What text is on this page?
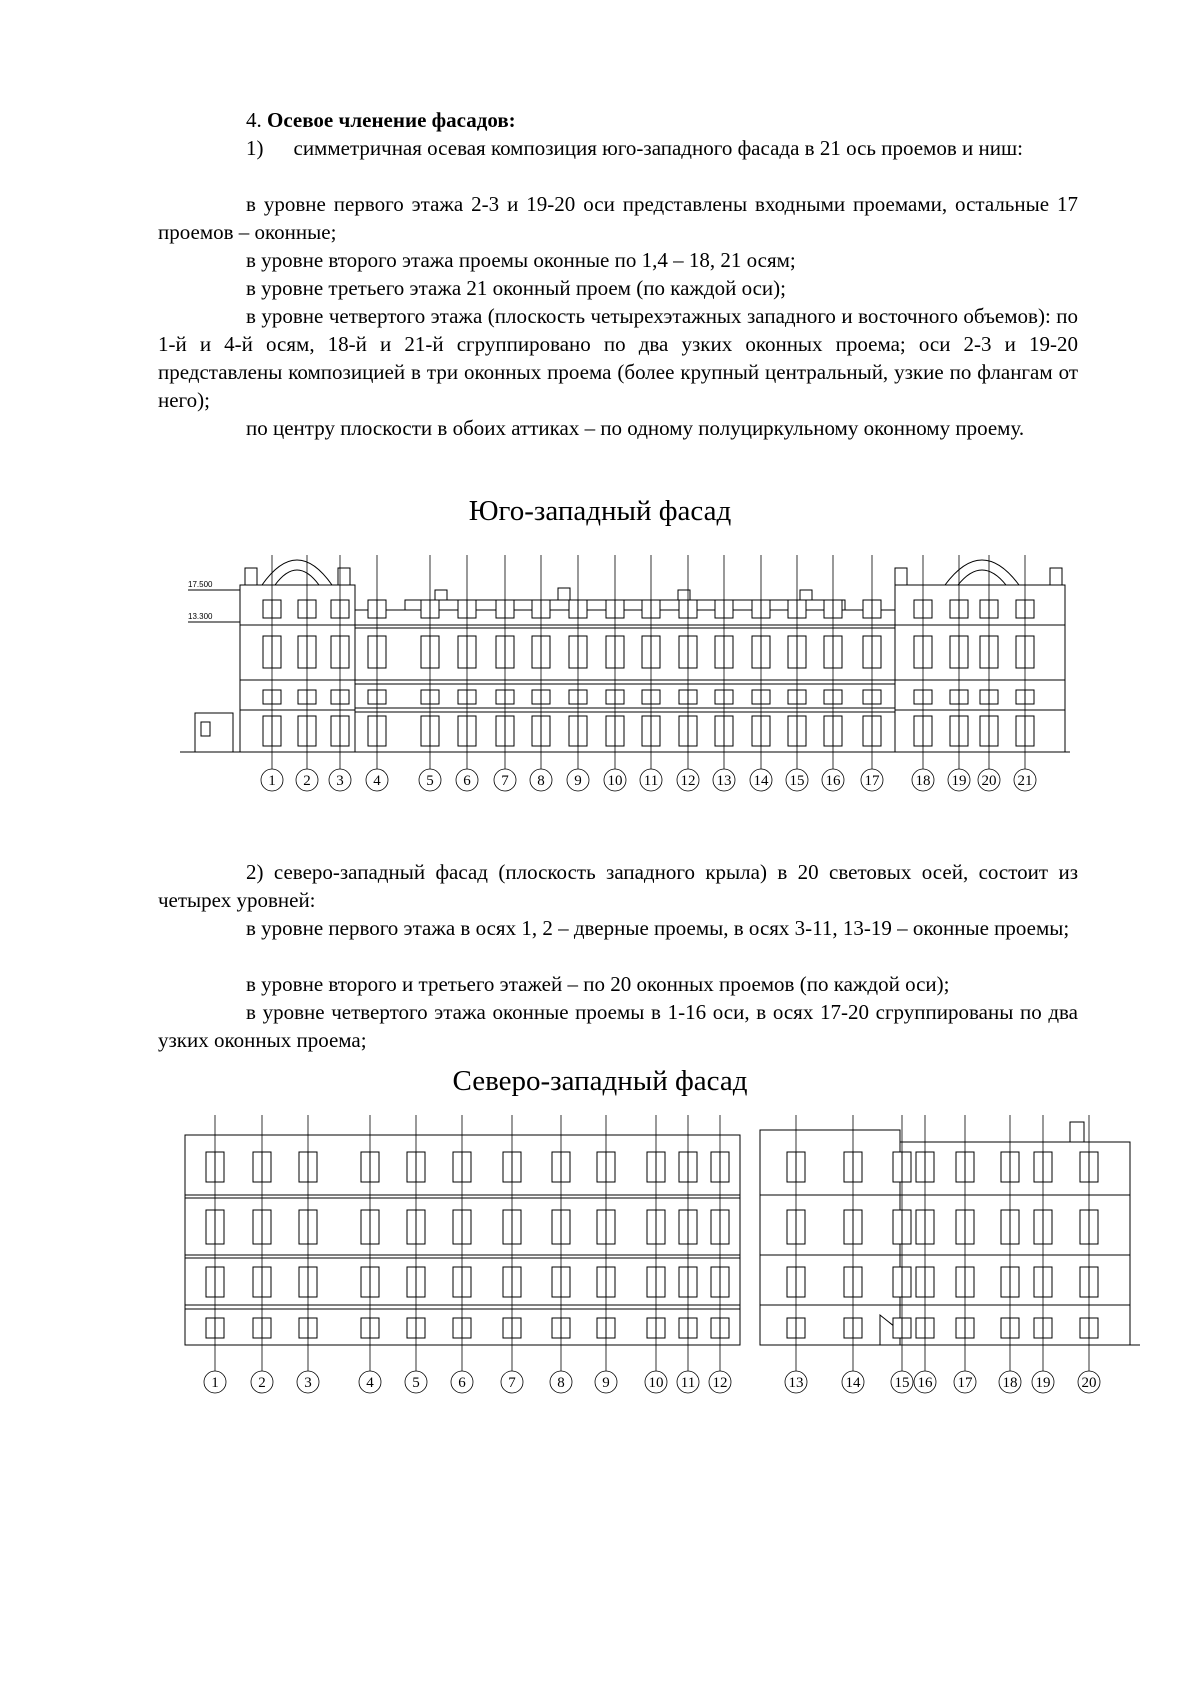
4. Осевое членение фасадов:
1) симметричная осевая композиция юго-западного фасада в 21 ось проемов и ниш:
в уровне первого этажа 2-3 и 19-20 оси представлены входными проемами, остальные 17 проемов – оконные;
в уровне второго этажа проемы оконные по 1,4 – 18, 21 осям;
в уровне третьего этажа 21 оконный проем (по каждой оси);
в уровне четвертого этажа (плоскость четырехэтажных западного и восточного объемов): по 1-й и 4-й осям, 18-й и 21-й сгруппировано по два узких оконных проема; оси 2-3 и 19-20 представлены композицией в три оконных проема (более крупный центральный, узкие по флангам от него);
по центру плоскости в обоих аттиках – по одному полуциркульному оконному проему.
Юго-западный фасад
17.500
13.300
1 2 3 4	5 6 7 8 9 10 11 12 13 14 15 16 17 18 19 20 21
2) северо-западный фасад (плоскость западного крыла) в 20 световых осей, состоит из четырех уровней:
в уровне первого этажа в осях 1, 2 – дверные проемы, в осях 3-11, 13-19 – оконные проемы;
в уровне второго и третьего этажей – по 20 оконных проемов (по каждой оси);
в уровне четвертого этажа оконные проемы в 1-16 оси, в осях 17-20 сгруппированы по два узких оконных проема;
Северо-западный фасад
1	2	3	4	5	6	7	8	9	10 11 12	13	14 15 16 17 18 19 20
